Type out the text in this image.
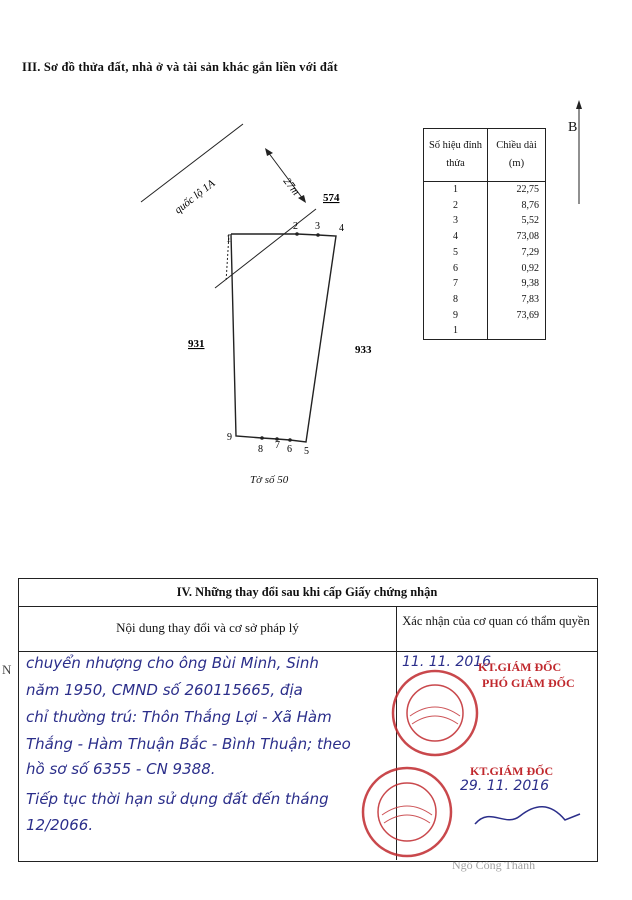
III. Sơ đồ thửa đất, nhà ở và tài sản khác gắn liền với đất
quốc lộ 1A	27m
574
931	933
1
2 3 4
9
8 7 6 5
B
Số hiệu đỉnh thửa	Chiều dài (m)
1	22,75
2	8,76
3	5,52
4	73,08
5	7,29
6	0,92
7	9,38
8	7,83
9	73,69
1	
Tờ số 50
IV. Những thay đổi sau khi cấp Giấy chứng nhận
Nội dung thay đổi và cơ sở pháp lý	Xác nhận của cơ quan có thẩm quyền
chuyển nhượng cho ông Bùi Minh, Sinh
năm 1950, CMND số 260115665, địa
chỉ thường trú: Thôn Thắng Lợi - Xã Hàm
Thắng - Hàm Thuận Bắc - Bình Thuận; theo
hồ sơ số 6355 - CN 9388.
Tiếp tục thời hạn sử dụng đất đến tháng
12/2066.
11. 11. 2016
29. 11. 2016
KT.GIÁM ĐỐC
PHÓ GIÁM ĐỐC
KT.GIÁM ĐỐC
Ngô Công Thành
N
